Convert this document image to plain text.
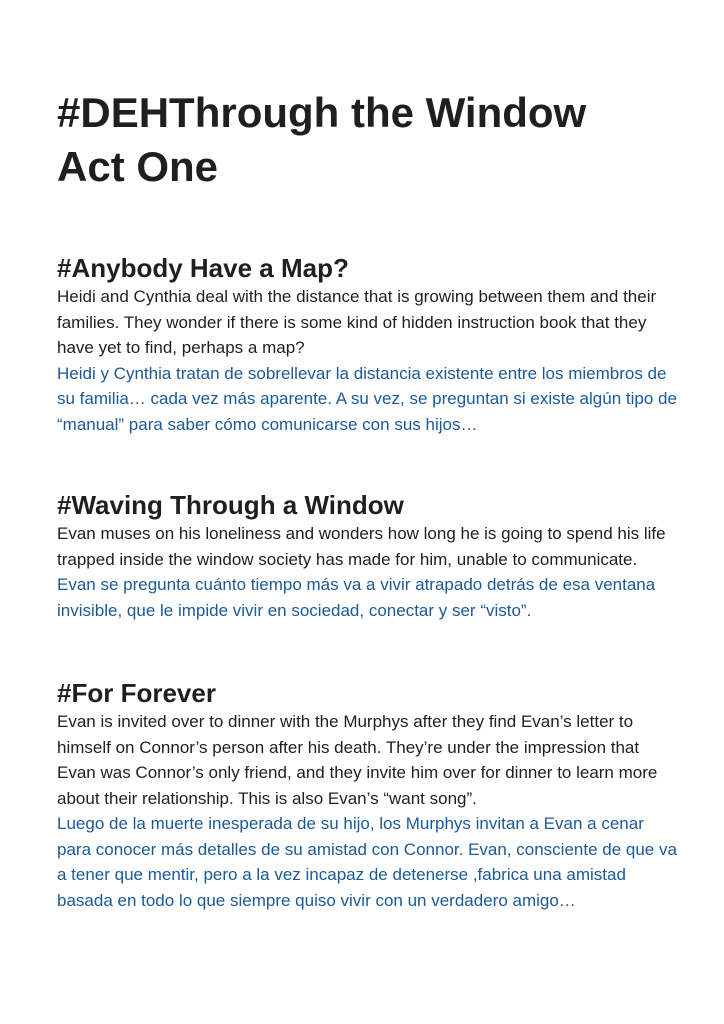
#DEHThrough the Window
Act One
#Anybody Have a Map?

Heidi and Cynthia deal with the distance that is growing between them and their families. They wonder if there is some kind of hidden instruction book that they have yet to find, perhaps a map?

Heidi y Cynthia tratan de sobrellevar la distancia existente entre los miembros de su familia… cada vez más aparente. A su vez, se preguntan si existe algún tipo de “manual” para saber cómo comunicarse con sus hijos…

#Waving Through a Window

Evan muses on his loneliness and wonders how long he is going to spend his life trapped inside the window society has made for him, unable to communicate.

Evan se pregunta cuánto tiempo más va a vivir atrapado detrás de esa ventana invisible, que le impide vivir en sociedad, conectar y ser “visto”.

#For Forever

Evan is invited over to dinner with the Murphys after they find Evan’s letter to himself on Connor’s person after his death. They’re under the impression that Evan was Connor’s only friend, and they invite him over for dinner to learn more about their relationship. This is also Evan’s “want song”.

Luego de la muerte inesperada de su hijo, los Murphys invitan a Evan a cenar para conocer más detalles de su amistad con Connor. Evan, consciente de que va a tener que mentir, pero a la vez incapaz de detenerse ,fabrica una amistad basada en todo lo que siempre quiso vivir con un verdadero amigo…
